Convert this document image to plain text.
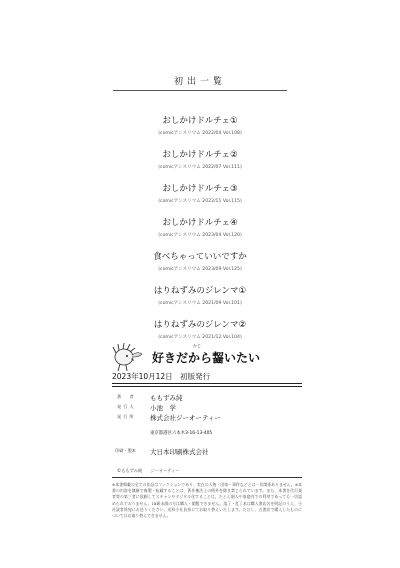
初出一覧
おしかけドルチェ①
(comicアンスリウム 2022/04 Vol.108)
おしかけドルチェ②
(comicアンスリウム 2022/07 Vol.111)
おしかけドルチェ③
(comicアンスリウム 2022/11 Vol.115)
おしかけドルチェ④
(comicアンスリウム 2023/04 Vol.120)
食べちゃっていいですか
(comicアンスリウム 2023/09 Vol.125)
はりねずみのジレンマ①
(comicアンスリウム 2021/09 Vol.101)
はりねずみのジレンマ②
(comicアンスリウム 2021/12 Vol.104)
かじ
好きだから齧いたい
2023年10月12日　初版発行
著　者	ももずみ純
発行人	小池　学
発行所	株式会社ジーオーティー
東京都港区六本木3-16-13-405
印刷・製本 大日本印刷株式会社
©ももずみ純　　ジーオーティー
※本書掲載の全ての作品はフィクションであり、実在の人物・団体・事件などとは一切関係ありません。※本書の内容を無断で複製・転載することは、著作権法上の例外を除き禁じられています。また、本書を代行業者等の第三者に依頼してスキャンやデジタル化することは、たとえ個人や家庭内での利用であっても一切認められておりません。18歳未満の方は購入・閲覧できません。落丁・乱丁本は購入書店名を明記のうえ、小社読者係宛にお送りください。送料小社負担にてお取り替えいたします。ただし、古書店で購入したものについてはお取り替えできません。
